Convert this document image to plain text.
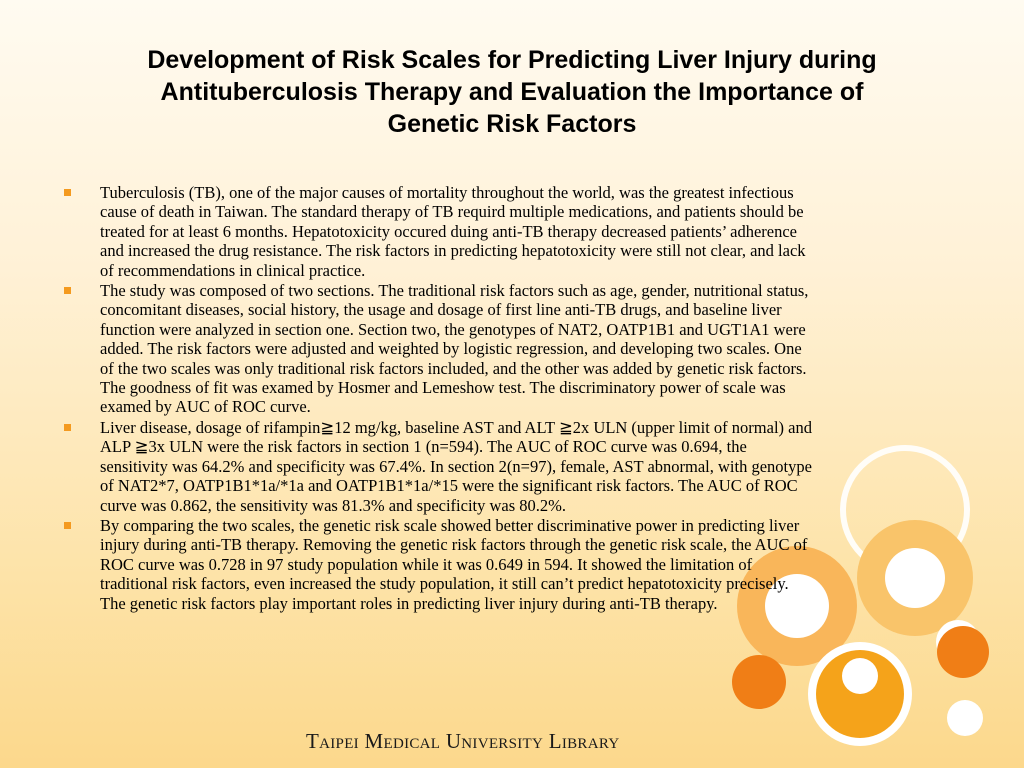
Development of Risk Scales for Predicting Liver Injury during
Antituberculosis Therapy and Evaluation the Importance of
Genetic Risk Factors
Tuberculosis (TB), one of the major causes of mortality throughout the world, was the greatest infectious
cause of death in Taiwan. The standard therapy of TB requird multiple medications, and patients should be
treated for at least 6 months. Hepatotoxicity occured duing anti-TB therapy decreased patients’ adherence
and increased the drug resistance. The risk factors in predicting hepatotoxicity were still not clear, and lack
of recommendations in clinical practice.
The study was composed of two sections. The traditional risk factors such as age, gender, nutritional status,
concomitant diseases, social history, the usage and dosage of first line anti-TB drugs, and baseline liver
function were analyzed in section one. Section two, the genotypes of NAT2, OATP1B1 and UGT1A1 were
added. The risk factors were adjusted and weighted by logistic regression, and developing two scales. One
of the two scales was only traditional risk factors included, and the other was added by genetic risk factors.
The goodness of fit was examed by Hosmer and Lemeshow test. The discriminatory power of scale was
examed by AUC of ROC curve.
Liver disease, dosage of rifampin≧12 mg/kg, baseline AST and ALT ≧2x ULN (upper limit of normal) and
ALP ≧3x ULN were the risk factors in section 1 (n=594). The AUC of ROC curve was 0.694, the
sensitivity was 64.2% and specificity was 67.4%. In section 2(n=97), female, AST abnormal, with genotype
of NAT2*7, OATP1B1*1a/*1a and OATP1B1*1a/*15 were the significant risk factors. The AUC of ROC
curve was 0.862, the sensitivity was 81.3% and specificity was 80.2%.
By comparing the two scales, the genetic risk scale showed better discriminative power in predicting liver
injury during anti-TB therapy. Removing the genetic risk factors through the genetic risk scale, the AUC of
ROC curve was 0.728 in 97 study population while it was 0.649 in 594. It showed the limitation of
traditional risk factors, even increased the study population, it still can’t predict hepatotoxicity precisely.
The genetic risk factors play important roles in predicting liver injury during anti-TB therapy.
Taipei Medical University Library
